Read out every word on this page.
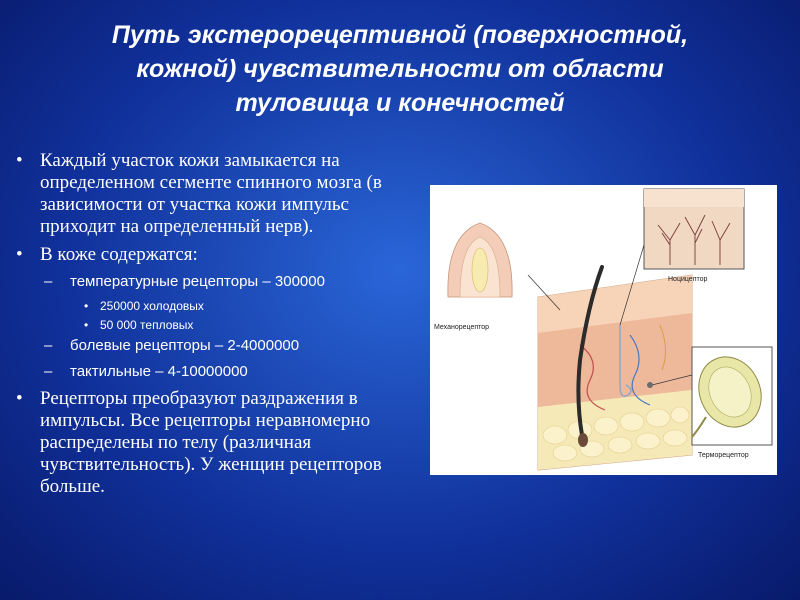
Путь экстерорецептивной (поверхностной,
кожной) чувствительности от области
туловища и конечностей
• Каждый участок кожи замыкается на определенном сегменте спинного мозга (в зависимости от участка кожи импульс приходит на определенный нерв).
• В коже содержатся:
– температурные рецепторы – 300000
• 250000 холодовых
• 50 000 тепловых
– болевые рецепторы – 2-4000000
– тактильные – 4-10000000
• Рецепторы преобразуют раздражения в импульсы. Все рецепторы неравномерно распределены по телу (различная чувствительность). У женщин рецепторов больше.
Механорецептор
Ноцицептор
Терморецептор
